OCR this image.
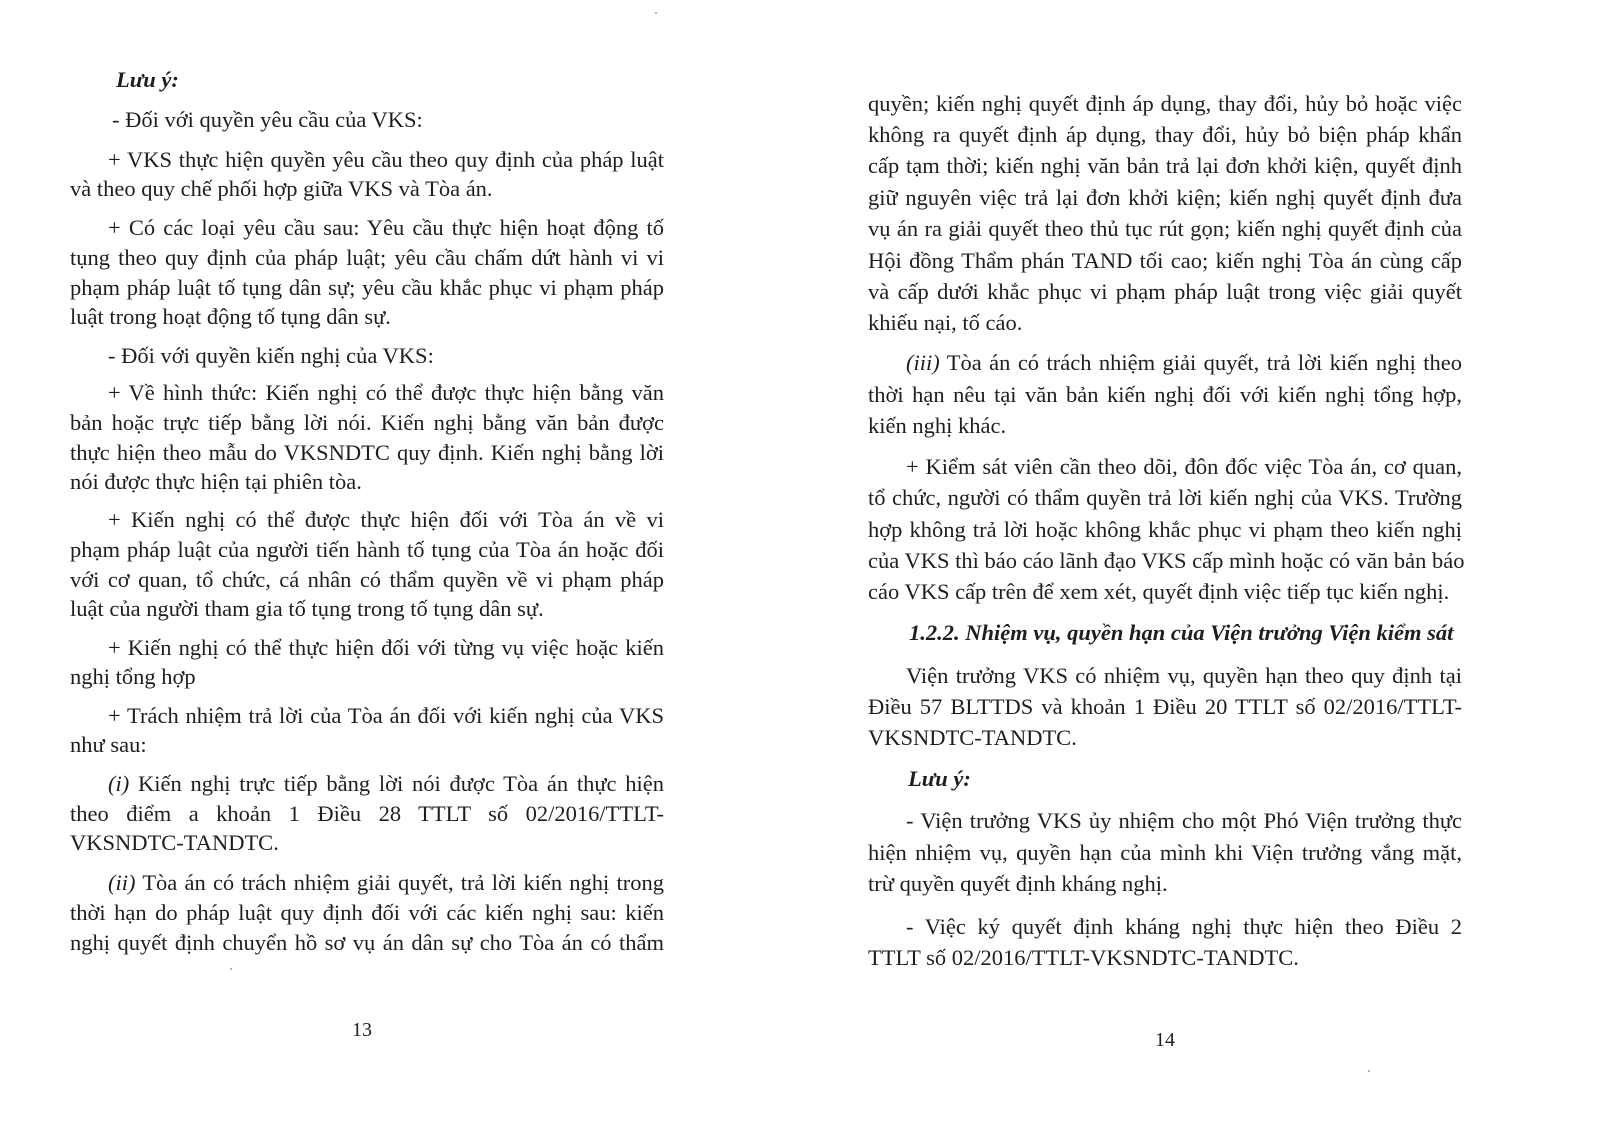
Lưu ý:
- Đối với quyền yêu cầu của VKS:
+ VKS thực hiện quyền yêu cầu theo quy định của pháp luật
và theo quy chế phối hợp giữa VKS và Tòa án.
+ Có các loại yêu cầu sau: Yêu cầu thực hiện hoạt động tố
tụng theo quy định của pháp luật; yêu cầu chấm dứt hành vi vi
phạm pháp luật tố tụng dân sự; yêu cầu khắc phục vi phạm pháp
luật trong hoạt động tố tụng dân sự.
- Đối với quyền kiến nghị của VKS:
+ Về hình thức: Kiến nghị có thể được thực hiện bằng văn
bản hoặc trực tiếp bằng lời nói. Kiến nghị bằng văn bản được
thực hiện theo mẫu do VKSNDTC quy định. Kiến nghị bằng lời
nói được thực hiện tại phiên tòa.
+ Kiến nghị có thể được thực hiện đối với Tòa án về vi
phạm pháp luật của người tiến hành tố tụng của Tòa án hoặc đối
với cơ quan, tổ chức, cá nhân có thẩm quyền về vi phạm pháp
luật của người tham gia tố tụng trong tố tụng dân sự.
+ Kiến nghị có thể thực hiện đối với từng vụ việc hoặc kiến
nghị tổng hợp
+ Trách nhiệm trả lời của Tòa án đối với kiến nghị của VKS
như sau:
(i) Kiến nghị trực tiếp bằng lời nói được Tòa án thực hiện
theo điểm a khoản 1 Điều 28 TTLT số 02/2016/TTLT-
VKSNDTC-TANDTC.
(ii) Tòa án có trách nhiệm giải quyết, trả lời kiến nghị trong
thời hạn do pháp luật quy định đối với các kiến nghị sau: kiến
nghị quyết định chuyển hồ sơ vụ án dân sự cho Tòa án có thẩm
13
quyền; kiến nghị quyết định áp dụng, thay đổi, hủy bỏ hoặc việc
không ra quyết định áp dụng, thay đổi, hủy bỏ biện pháp khẩn
cấp tạm thời; kiến nghị văn bản trả lại đơn khởi kiện, quyết định
giữ nguyên việc trả lại đơn khởi kiện; kiến nghị quyết định đưa
vụ án ra giải quyết theo thủ tục rút gọn; kiến nghị quyết định của
Hội đồng Thẩm phán TAND tối cao; kiến nghị Tòa án cùng cấp
và cấp dưới khắc phục vi phạm pháp luật trong việc giải quyết
khiếu nại, tố cáo.
(iii) Tòa án có trách nhiệm giải quyết, trả lời kiến nghị theo
thời hạn nêu tại văn bản kiến nghị đối với kiến nghị tổng hợp,
kiến nghị khác.
+ Kiểm sát viên cần theo dõi, đôn đốc việc Tòa án, cơ quan,
tổ chức, người có thẩm quyền trả lời kiến nghị của VKS. Trường
hợp không trả lời hoặc không khắc phục vi phạm theo kiến nghị
của VKS thì báo cáo lãnh đạo VKS cấp mình hoặc có văn bản báo
cáo VKS cấp trên để xem xét, quyết định việc tiếp tục kiến nghị.
1.2.2. Nhiệm vụ, quyền hạn của Viện trưởng Viện kiểm sát
Viện trưởng VKS có nhiệm vụ, quyền hạn theo quy định tại
Điều 57 BLTTDS và khoản 1 Điều 20 TTLT số 02/2016/TTLT-
VKSNDTC-TANDTC.
Lưu ý:
- Viện trưởng VKS ủy nhiệm cho một Phó Viện trưởng thực
hiện nhiệm vụ, quyền hạn của mình khi Viện trưởng vắng mặt,
trừ quyền quyết định kháng nghị.
- Việc ký quyết định kháng nghị thực hiện theo Điều 2
TTLT số 02/2016/TTLT-VKSNDTC-TANDTC.
14
